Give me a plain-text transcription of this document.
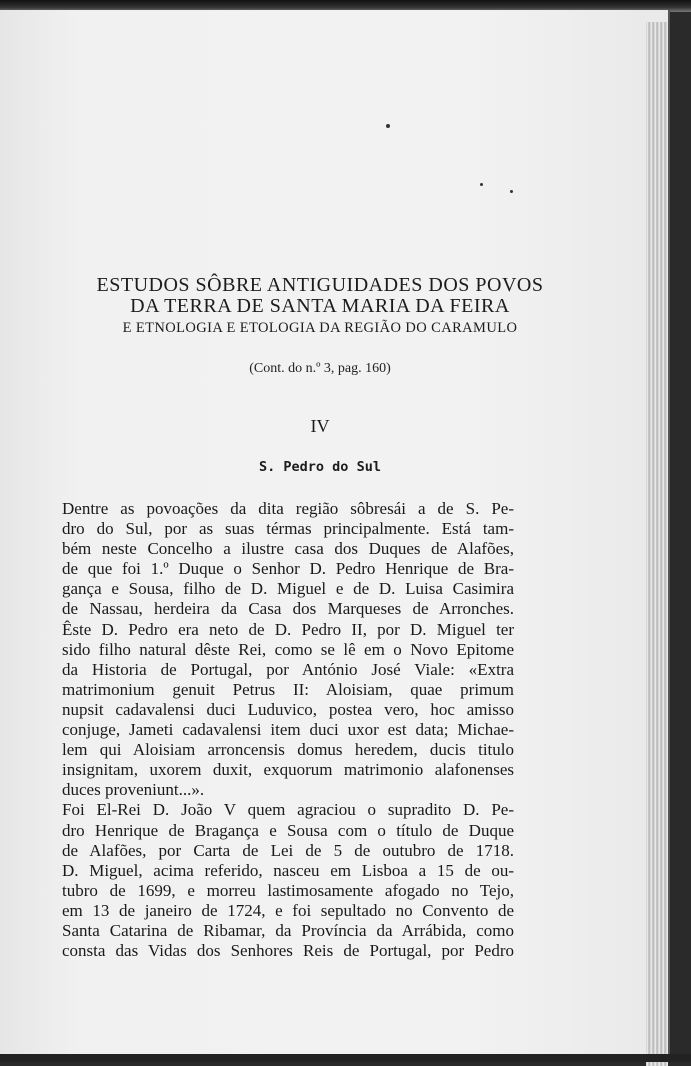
ESTUDOS SÔBRE ANTIGUIDADES DOS POVOS
DA TERRA DE SANTA MARIA DA FEIRA
E ETNOLOGIA E ETOLOGIA DA REGIÃO DO CARAMULO
(Cont. do n.º 3, pag. 160)
IV
S. Pedro do Sul
Dentre as povoações da dita região sôbresái a de S. Pe-
dro do Sul, por as suas térmas principalmente. Está tam-
bém neste Concelho a ilustre casa dos Duques de Alafões,
de que foi 1.º Duque o Senhor D. Pedro Henrique de Bra-
gança e Sousa, filho de D. Miguel e de D. Luisa Casimira
de Nassau, herdeira da Casa dos Marqueses de Arronches.
Êste D. Pedro era neto de D. Pedro II, por D. Miguel ter
sido filho natural dêste Rei, como se lê em o Novo Epitome
da Historia de Portugal, por António José Viale: «Extra
matrimonium genuit Petrus II: Aloisiam, quae primum
nupsit cadavalensi duci Luduvico, postea vero, hoc amisso
conjuge, Jameti cadavalensi item duci uxor est data; Michae-
lem qui Aloisiam arroncensis domus heredem, ducis titulo
insignitam, uxorem duxit, exquorum matrimonio alafonenses
duces proveniunt...».
Foi El-Rei D. João V quem agraciou o supradito D. Pe-
dro Henrique de Bragança e Sousa com o título de Duque
de Alafões, por Carta de Lei de 5 de outubro de 1718.
D. Miguel, acima referido, nasceu em Lisboa a 15 de ou-
tubro de 1699, e morreu lastimosamente afogado no Tejo,
em 13 de janeiro de 1724, e foi sepultado no Convento de
Santa Catarina de Ribamar, da Província da Arrábida, como
consta das Vidas dos Senhores Reis de Portugal, por Pedro
